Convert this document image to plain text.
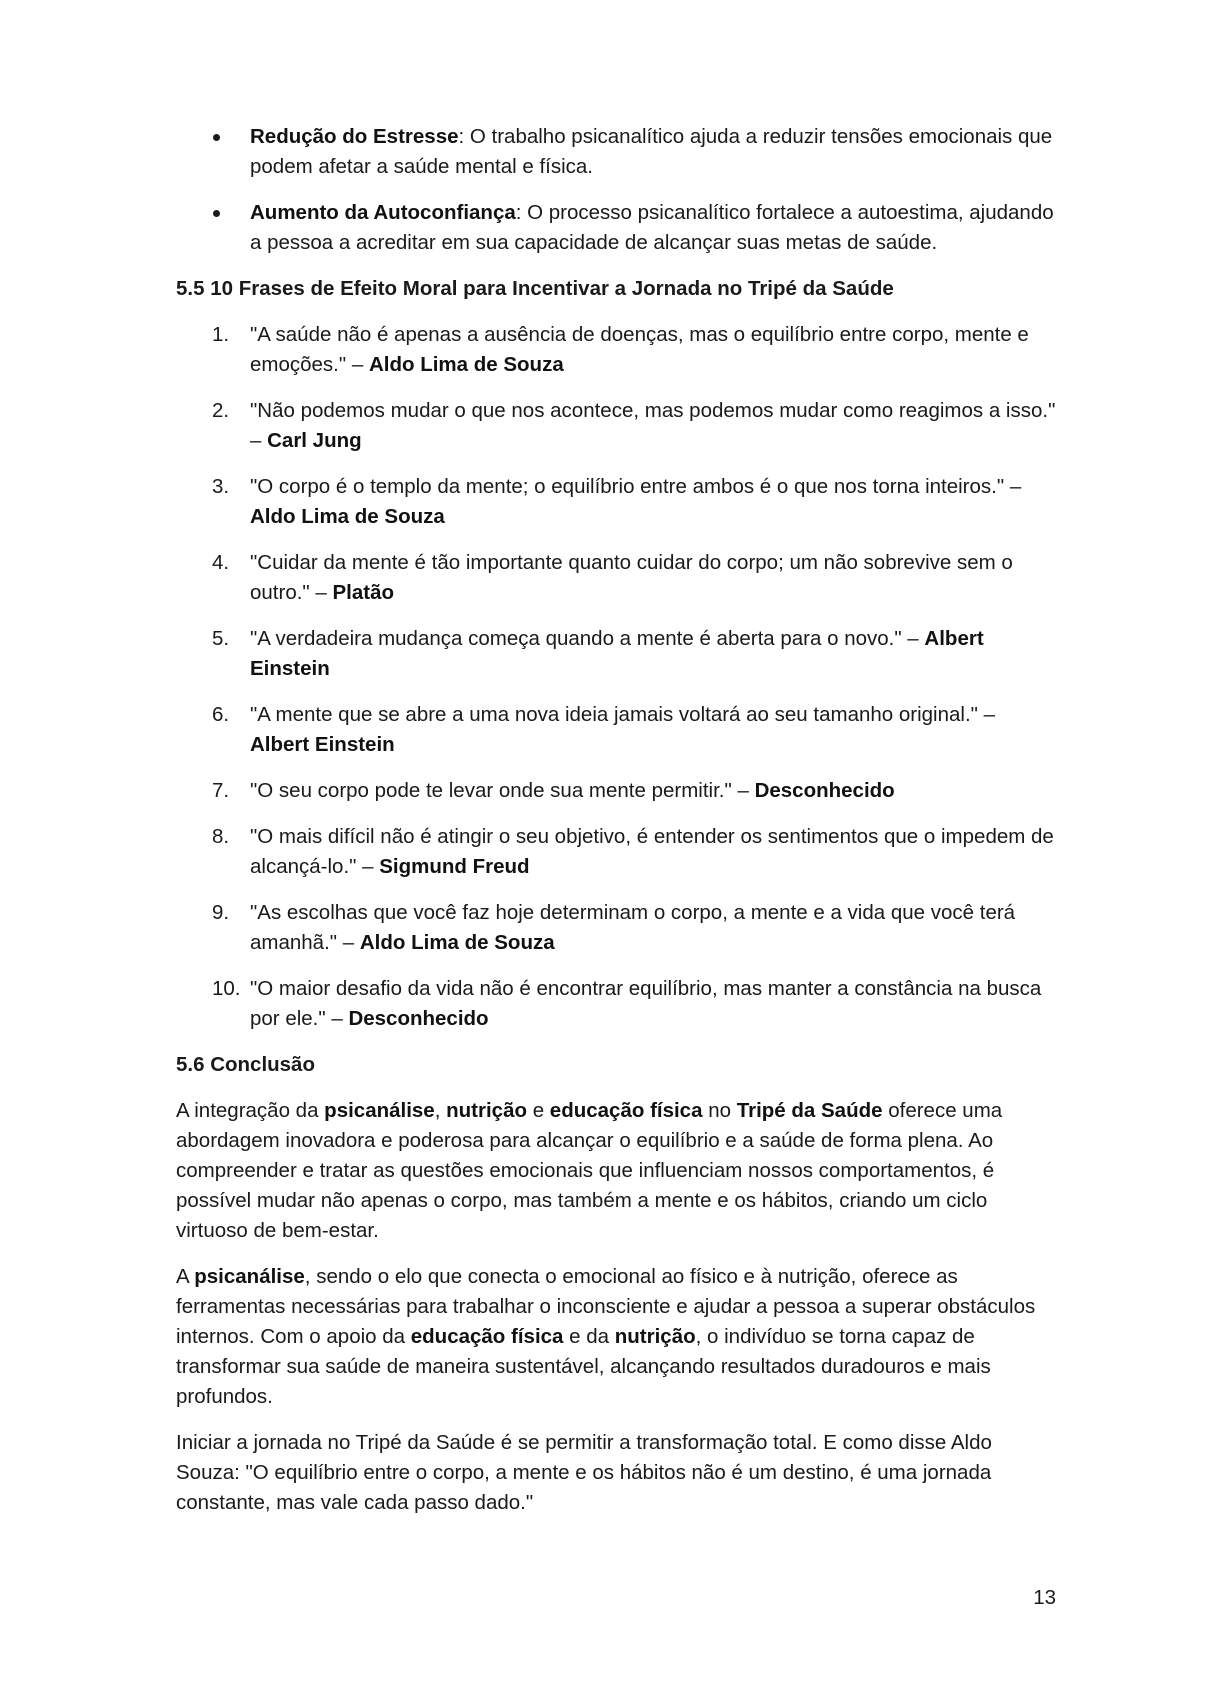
Redução do Estresse: O trabalho psicanalítico ajuda a reduzir tensões emocionais que podem afetar a saúde mental e física.
Aumento da Autoconfiança: O processo psicanalítico fortalece a autoestima, ajudando a pessoa a acreditar em sua capacidade de alcançar suas metas de saúde.
5.5 10 Frases de Efeito Moral para Incentivar a Jornada no Tripé da Saúde
1.	"A saúde não é apenas a ausência de doenças, mas o equilíbrio entre corpo, mente e emoções." – Aldo Lima de Souza
2.	"Não podemos mudar o que nos acontece, mas podemos mudar como reagimos a isso." – Carl Jung
3.	"O corpo é o templo da mente; o equilíbrio entre ambos é o que nos torna inteiros." – Aldo Lima de Souza
4.	"Cuidar da mente é tão importante quanto cuidar do corpo; um não sobrevive sem o outro." – Platão
5.	"A verdadeira mudança começa quando a mente é aberta para o novo." – Albert Einstein
6.	"A mente que se abre a uma nova ideia jamais voltará ao seu tamanho original." – Albert Einstein
7.	"O seu corpo pode te levar onde sua mente permitir." – Desconhecido
8.	"O mais difícil não é atingir o seu objetivo, é entender os sentimentos que o impedem de alcançá-lo." – Sigmund Freud
9.	"As escolhas que você faz hoje determinam o corpo, a mente e a vida que você terá amanhã." – Aldo Lima de Souza
10. "O maior desafio da vida não é encontrar equilíbrio, mas manter a constância na busca por ele." – Desconhecido
5.6 Conclusão

A integração da psicanálise, nutrição e educação física no Tripé da Saúde oferece uma abordagem inovadora e poderosa para alcançar o equilíbrio e a saúde de forma plena. Ao compreender e tratar as questões emocionais que influenciam nossos comportamentos, é possível mudar não apenas o corpo, mas também a mente e os hábitos, criando um ciclo virtuoso de bem-estar.

A psicanálise, sendo o elo que conecta o emocional ao físico e à nutrição, oferece as ferramentas necessárias para trabalhar o inconsciente e ajudar a pessoa a superar obstáculos internos. Com o apoio da educação física e da nutrição, o indivíduo se torna capaz de transformar sua saúde de maneira sustentável, alcançando resultados duradouros e mais profundos.

Iniciar a jornada no Tripé da Saúde é se permitir a transformação total. E como disse Aldo Souza: "O equilíbrio entre o corpo, a mente e os hábitos não é um destino, é uma jornada constante, mas vale cada passo dado."

13
